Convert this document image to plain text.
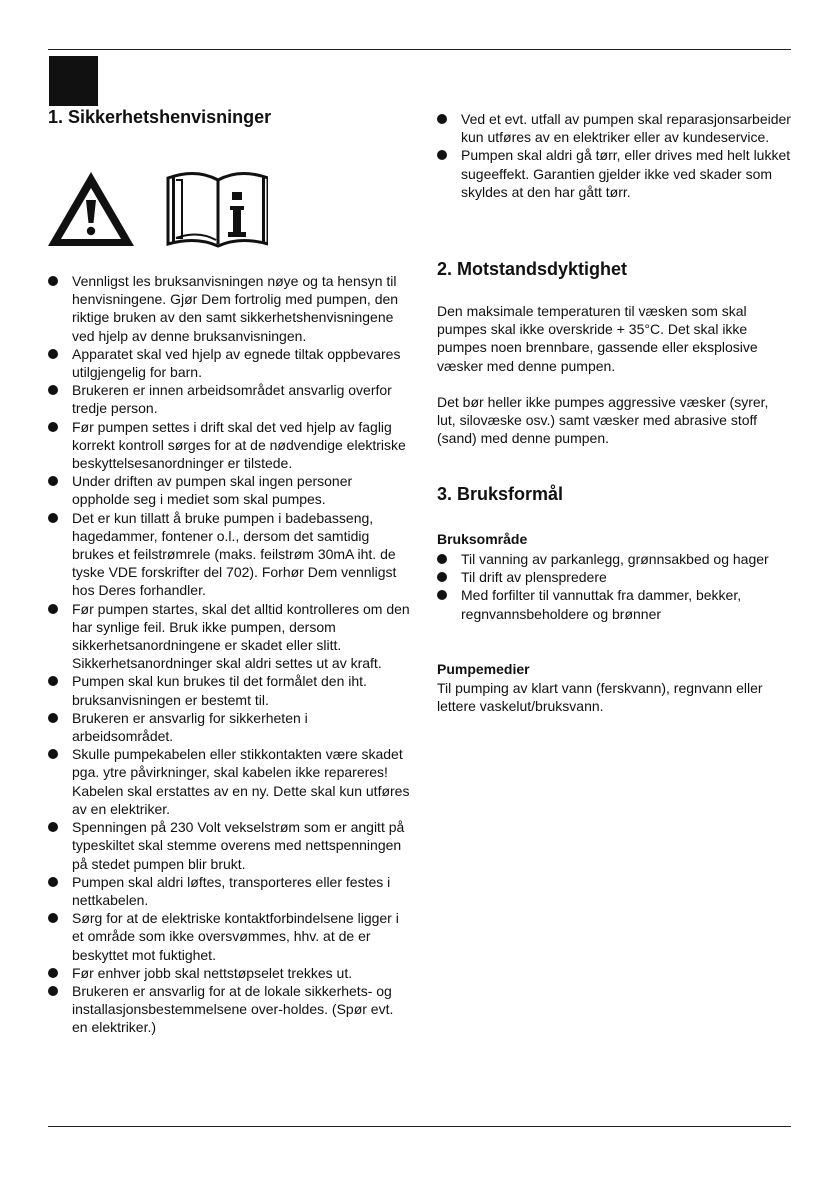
1. Sikkerhetshenvisninger
Vennligst les bruksanvisningen nøye og ta hensyn til henvisningene. Gjør Dem fortrolig med pumpen, den riktige bruken av den samt sikkerhetshenvisningene ved hjelp av denne bruksanvisningen.
Apparatet skal ved hjelp av egnede tiltak oppbevares utilgjengelig for barn.
Brukeren er innen arbeidsområdet ansvarlig overfor tredje person.
Før pumpen settes i drift skal det ved hjelp av faglig korrekt kontroll sørges for at de nødvendige elektriske beskyttelsesanordninger er tilstede.
Under driften av pumpen skal ingen personer oppholde seg i mediet som skal pumpes.
Det er kun tillatt å bruke pumpen i badebasseng, hagedammer, fontener o.l., dersom det samtidig brukes et feilstrømrele (maks. feilstrøm 30mA iht. de tyske VDE forskrifter del 702). Forhør Dem vennligst hos Deres forhandler.
Før pumpen startes, skal det alltid kontrolleres om den har synlige feil. Bruk ikke pumpen, dersom sikkerhetsanordningene er skadet eller slitt. Sikkerhetsanordninger skal aldri settes ut av kraft.
Pumpen skal kun brukes til det formålet den iht. bruksanvisningen er bestemt til.
Brukeren er ansvarlig for sikkerheten i arbeidsområdet.
Skulle pumpekabelen eller stikkontakten være skadet pga. ytre påvirkninger, skal kabelen ikke repareres! Kabelen skal erstattes av en ny. Dette skal kun utføres av en elektriker.
Spenningen på 230 Volt vekselstrøm som er angitt på typeskiltet skal stemme overens med nettspenningen på stedet pumpen blir brukt.
Pumpen skal aldri løftes, transporteres eller festes i nettkabelen.
Sørg for at de elektriske kontaktforbindelsene ligger i et område som ikke oversvømmes, hhv. at de er beskyttet mot fuktighet.
Før enhver jobb skal nettstøpselet trekkes ut.
Brukeren er ansvarlig for at de lokale sikkerhets- og installasjonsbestemmelsene over-holdes. (Spør evt. en elektriker.)
Ved et evt. utfall av pumpen skal reparasjonsarbeider kun utføres av en elektriker eller av kundeservice.
Pumpen skal aldri gå tørr, eller drives med helt lukket sugeeffekt. Garantien gjelder ikke ved skader som skyldes at den har gått tørr.
2. Motstandsdyktighet

Den maksimale temperaturen til væsken som skal pumpes skal ikke overskride + 35°C. Det skal ikke pumpes noen brennbare, gassende eller eksplosive væsker med denne pumpen.

Det bør heller ikke pumpes aggressive væsker (syrer, lut, silovæske osv.) samt væsker med abrasive stoff (sand) med denne pumpen.

3. Bruksformål
Bruksområde
Til vanning av parkanlegg, grønnsakbed og hager
Til drift av plenspredere
Med forfilter til vannuttak fra dammer, bekker, regnvannsbeholdere og brønner
Pumpemedier

Til pumping av klart vann (ferskvann), regnvann eller lettere vaskelut/bruksvann.
